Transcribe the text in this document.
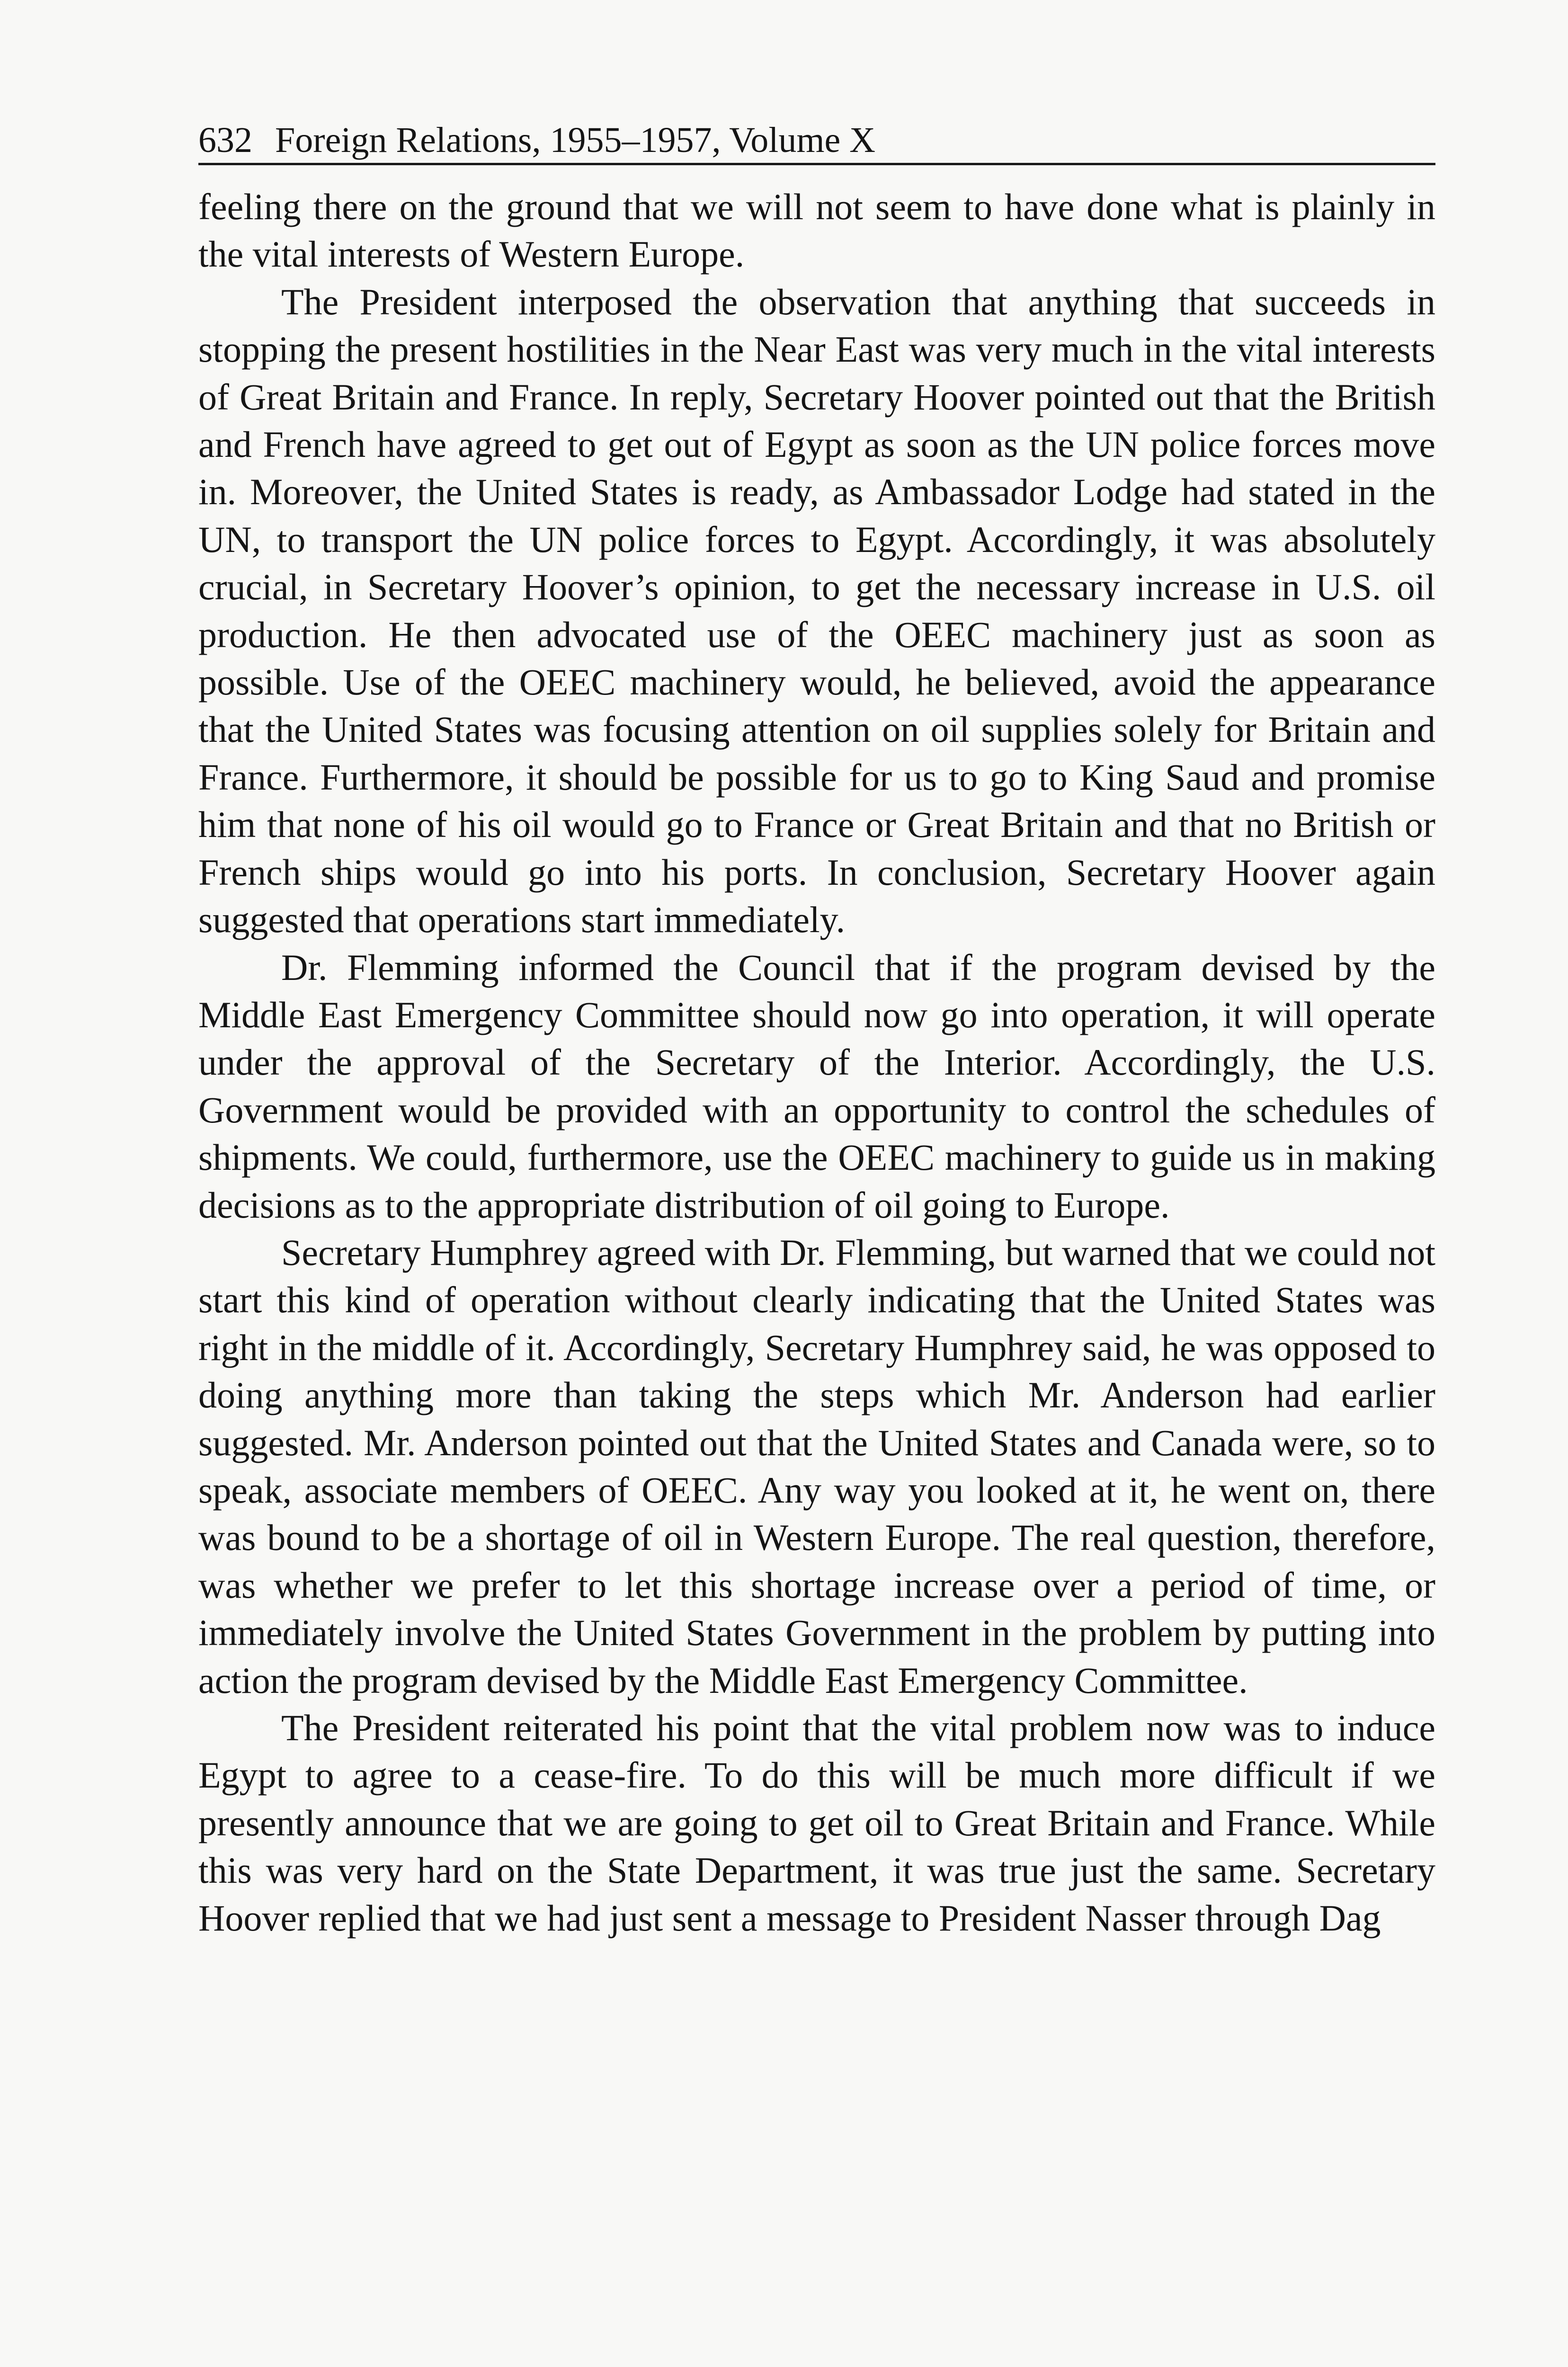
632 Foreign Relations, 1955–1957, Volume X

feeling there on the ground that we will not seem to have done what is plainly in the vital interests of Western Europe.

The President interposed the observation that anything that succeeds in stopping the present hostilities in the Near East was very much in the vital interests of Great Britain and France. In reply, Secretary Hoover pointed out that the British and French have agreed to get out of Egypt as soon as the UN police forces move in. Moreover, the United States is ready, as Ambassador Lodge had stated in the UN, to transport the UN police forces to Egypt. Accordingly, it was absolutely crucial, in Secretary Hoover’s opinion, to get the necessary increase in U.S. oil production. He then advocated use of the OEEC machinery just as soon as possible. Use of the OEEC machinery would, he believed, avoid the appearance that the United States was focusing attention on oil supplies solely for Britain and France. Furthermore, it should be possible for us to go to King Saud and promise him that none of his oil would go to France or Great Britain and that no British or French ships would go into his ports. In conclusion, Secretary Hoover again suggested that operations start immediately.

Dr. Flemming informed the Council that if the program devised by the Middle East Emergency Committee should now go into operation, it will operate under the approval of the Secretary of the Interior. Accordingly, the U.S. Government would be provided with an opportunity to control the schedules of shipments. We could, furthermore, use the OEEC machinery to guide us in making decisions as to the appropriate distribution of oil going to Europe.

Secretary Humphrey agreed with Dr. Flemming, but warned that we could not start this kind of operation without clearly indicating that the United States was right in the middle of it. Accordingly, Secretary Humphrey said, he was opposed to doing anything more than taking the steps which Mr. Anderson had earlier suggested. Mr. Anderson pointed out that the United States and Canada were, so to speak, associate members of OEEC. Any way you looked at it, he went on, there was bound to be a shortage of oil in Western Europe. The real question, therefore, was whether we prefer to let this shortage increase over a period of time, or immediately involve the United States Government in the problem by putting into action the program devised by the Middle East Emergency Committee.

The President reiterated his point that the vital problem now was to induce Egypt to agree to a cease-fire. To do this will be much more difficult if we presently announce that we are going to get oil to Great Britain and France. While this was very hard on the State Department, it was true just the same. Secretary Hoover replied that we had just sent a message to President Nasser through Dag
